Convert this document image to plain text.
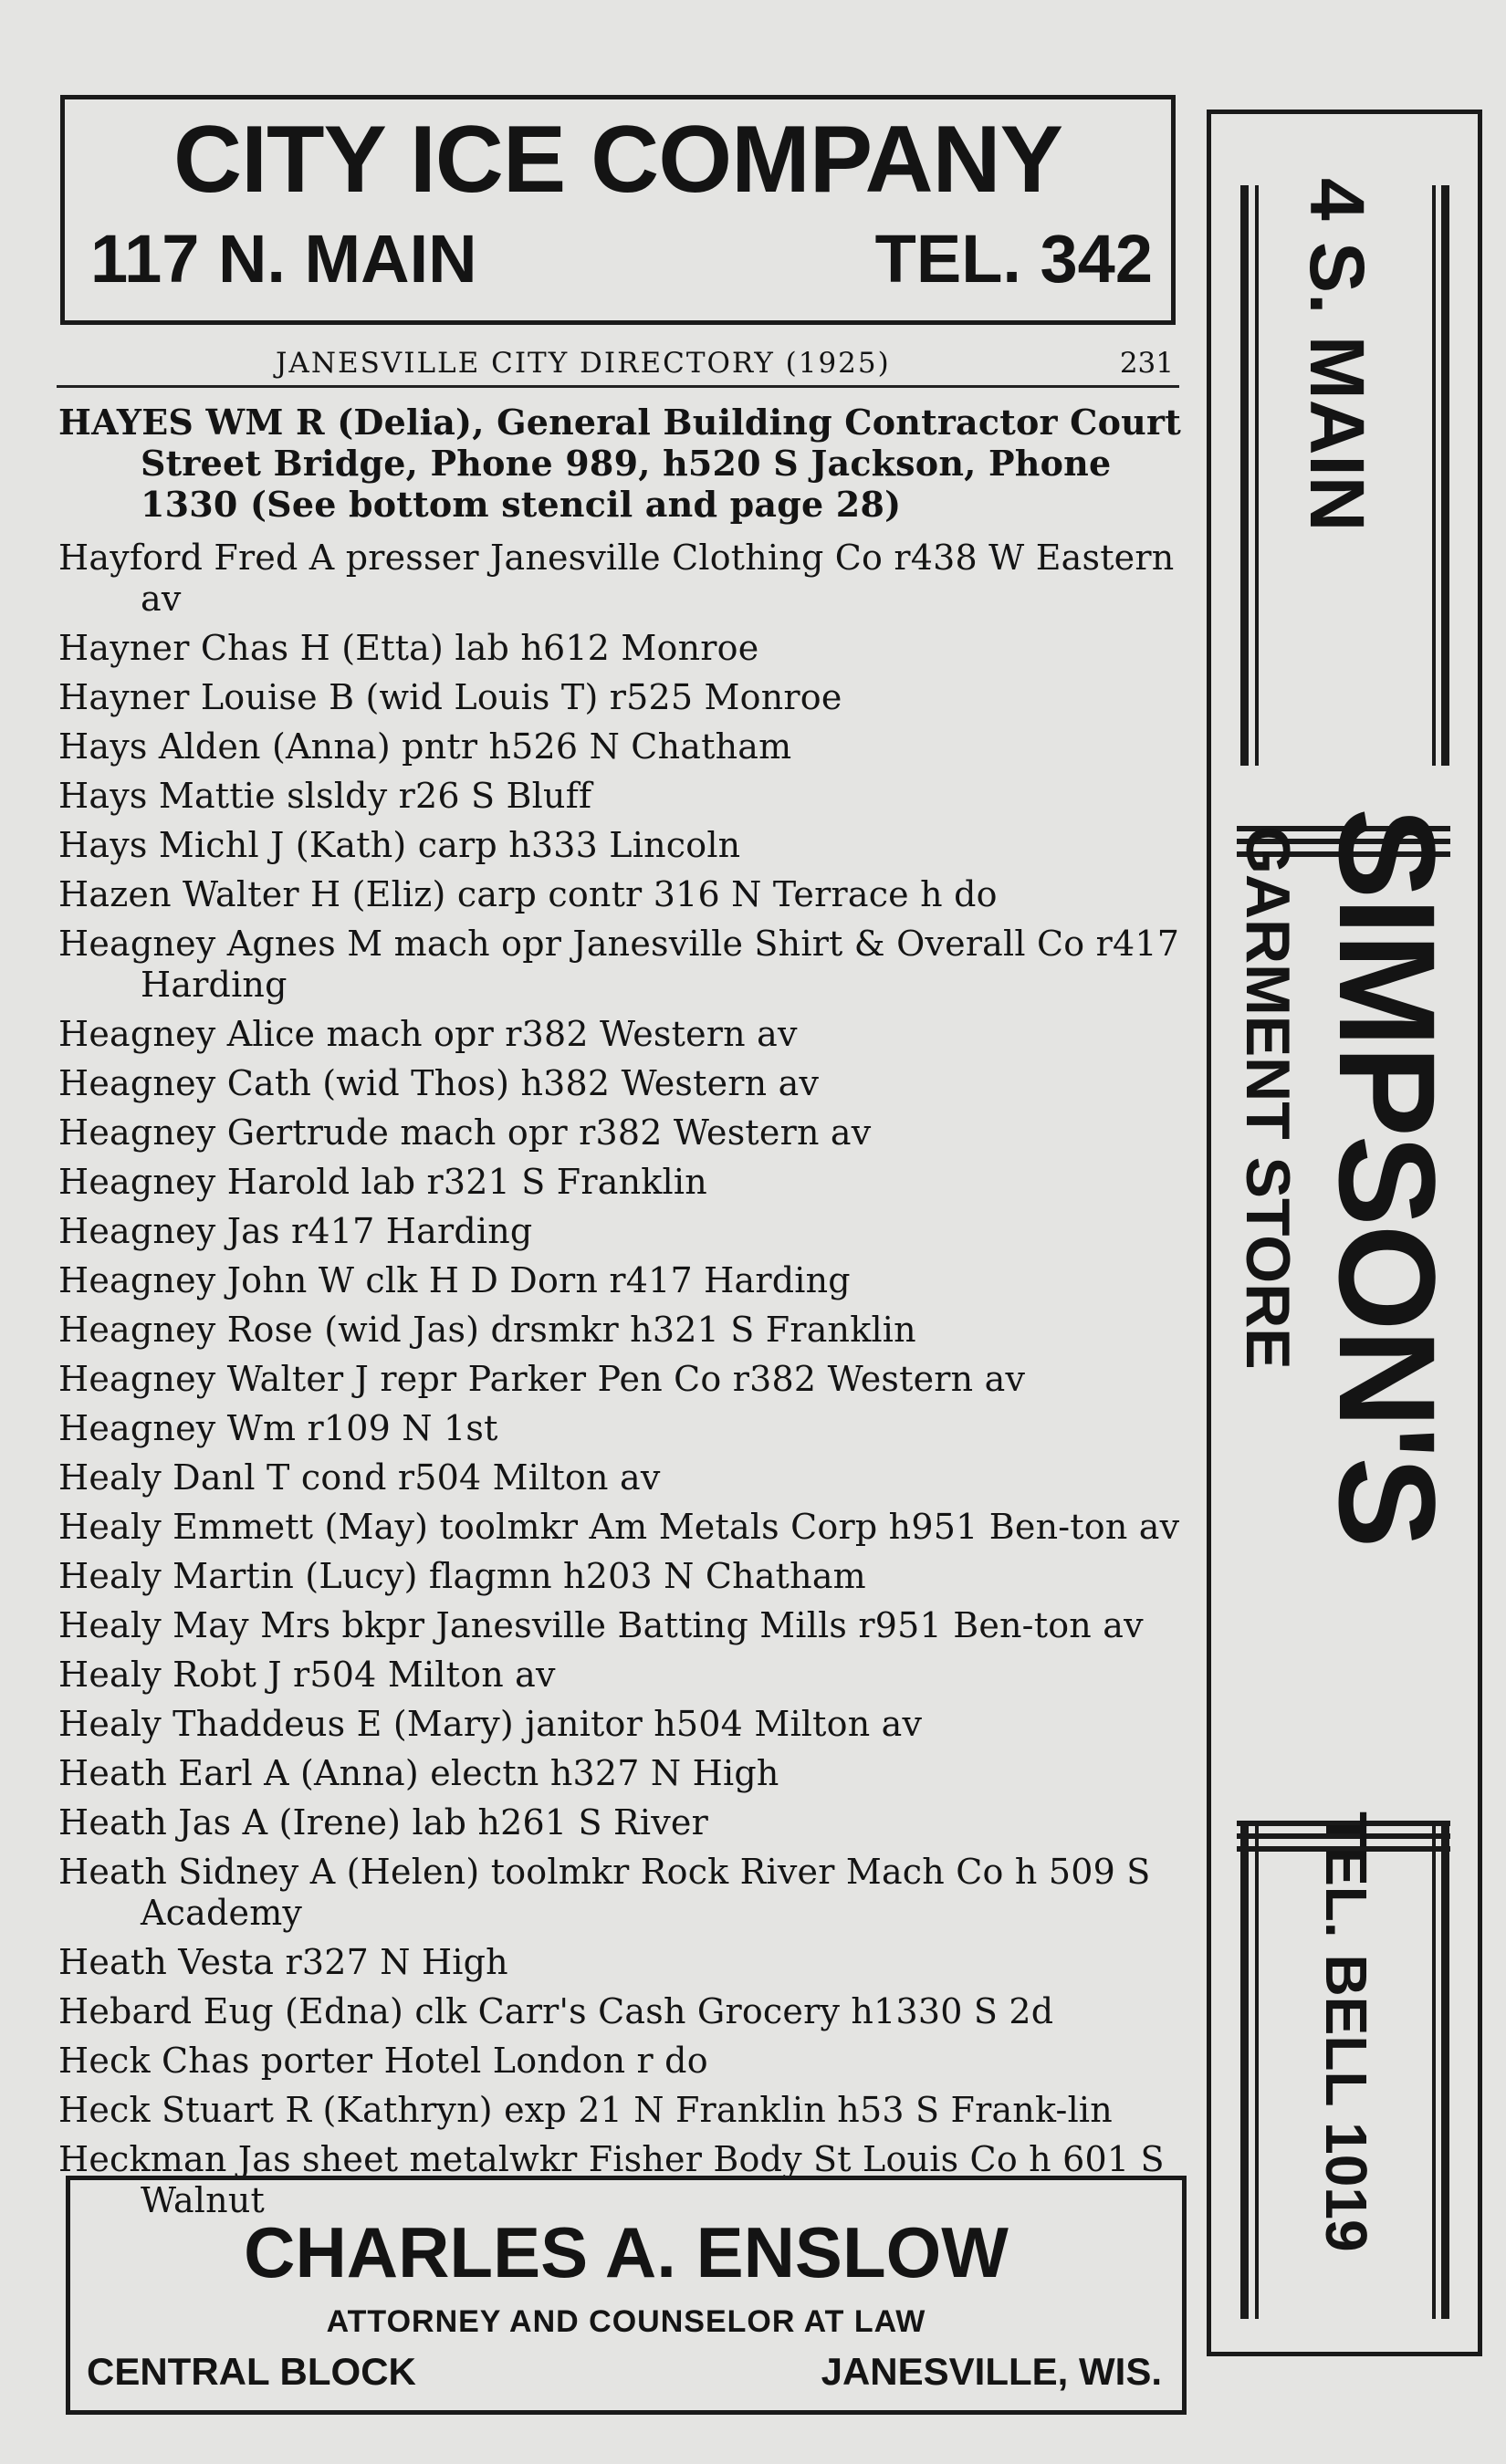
CITY ICE COMPANY
117 N. MAIN	TEL. 342
JANESVILLE CITY DIRECTORY (1925)	231

HAYES WM R (Delia), General Building Contractor Court Street Bridge, Phone 989, h520 S Jackson, Phone 1330 (See bottom stencil and page 28)

Hayford Fred A presser Janesville Clothing Co r438 W Eastern av

Hayner Chas H (Etta) lab h612 Monroe

Hayner Louise B (wid Louis T) r525 Monroe

Hays Alden (Anna) pntr h526 N Chatham

Hays Mattie slsldy r26 S Bluff

Hays Michl J (Kath) carp h333 Lincoln

Hazen Walter H (Eliz) carp contr 316 N Terrace h do

Heagney Agnes M mach opr Janesville Shirt & Overall Co r417 Harding

Heagney Alice mach opr r382 Western av

Heagney Cath (wid Thos) h382 Western av

Heagney Gertrude mach opr r382 Western av

Heagney Harold lab r321 S Franklin

Heagney Jas r417 Harding

Heagney John W clk H D Dorn r417 Harding

Heagney Rose (wid Jas) drsmkr h321 S Franklin

Heagney Walter J repr Parker Pen Co r382 Western av

Heagney Wm r109 N 1st

Healy Danl T cond r504 Milton av

Healy Emmett (May) toolmkr Am Metals Corp h951 Ben-ton av

Healy Martin (Lucy) flagmn h203 N Chatham

Healy May Mrs bkpr Janesville Batting Mills r951 Ben-ton av

Healy Robt J r504 Milton av

Healy Thaddeus E (Mary) janitor h504 Milton av

Heath Earl A (Anna) electn h327 N High

Heath Jas A (Irene) lab h261 S River

Heath Sidney A (Helen) toolmkr Rock River Mach Co h 509 S Academy

Heath Vesta r327 N High

Hebard Eug (Edna) clk Carr's Cash Grocery h1330 S 2d

Heck Chas porter Hotel London r do

Heck Stuart R (Kathryn) exp 21 N Franklin h53 S Frank-lin

Heckman Jas sheet metalwkr Fisher Body St Louis Co h 601 S Walnut

CHARLES A. ENSLOW
ATTORNEY AND COUNSELOR AT LAW
CENTRAL BLOCK	JANESVILLE, WIS.
4 S. MAIN
GARMENT STORE SIMPSON'S
TEL. BELL 1019
